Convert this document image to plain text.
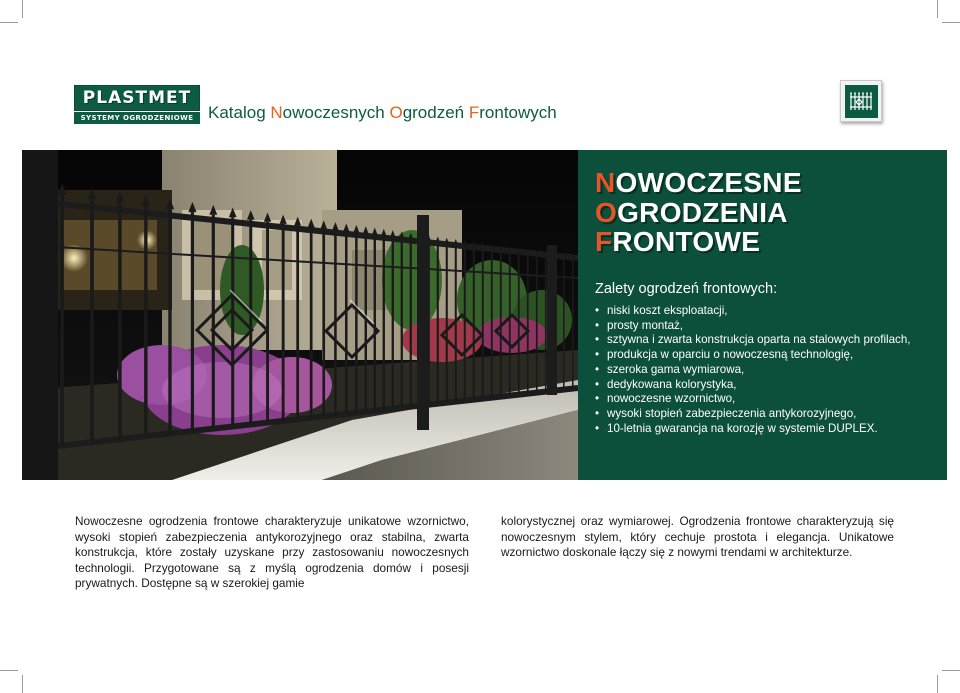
PLASTMET
SYSTEMY OGRODZENIOWE Katalog Nowoczesnych Ogrodzeń Frontowych
NOWOCZESNE
OGRODZENIA
FRONTOWE
Zalety ogrodzeń frontowych:
• niski koszt eksploatacji,
• prosty montaż,
• sztywna i zwarta konstrukcja oparta na stalowych profilach,
• produkcja w oparciu o nowoczesną technologię,
• szeroka gama wymiarowa,
• dedykowana kolorystyka,
• nowoczesne wzornictwo,
• wysoki stopień zabezpieczenia antykorozyjnego,
• 10-letnia gwarancja na korozję w systemie DUPLEX.

Nowoczesne ogrodzenia frontowe charakteryzuje unikatowe wzornictwo, wysoki stopień zabezpieczenia antykorozyjnego oraz stabilna, zwarta konstrukcja, które zostały uzyskane przy zastosowaniu nowoczesnych technologii. Przygotowane są z myślą ogrodzenia domów i posesji prywatnych. Dostępne są w szerokiej gamie

kolorystycznej oraz wymiarowej. Ogrodzenia frontowe charakteryzują się nowoczesnym stylem, który cechuje prostota i elegancja. Unikatowe wzornictwo doskonale łączy się z nowymi trendami w architekturze.
